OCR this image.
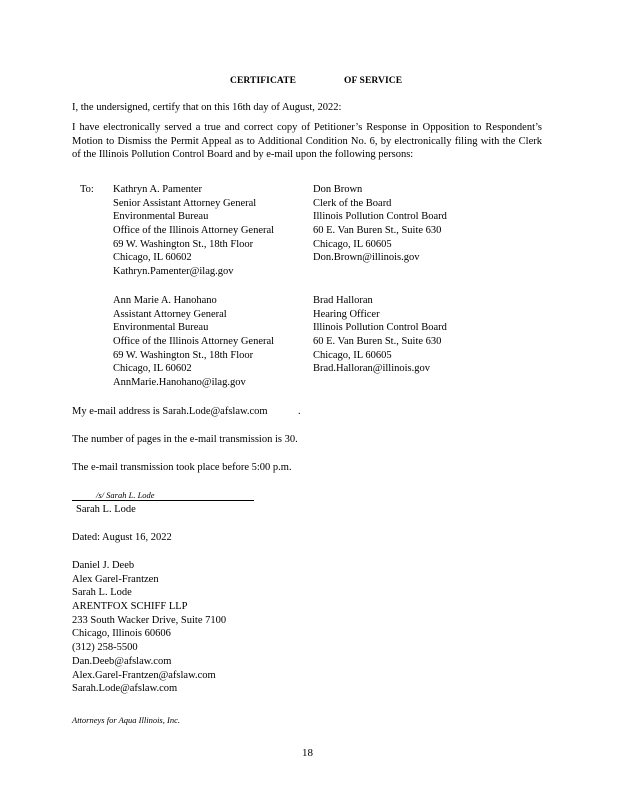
CERTIFICATE	OF SERVICE
I, the undersigned, certify that on this 16th day of August, 2022:
I have electronically served a true and correct copy of Petitioner’s Response in Opposition to Respondent’s Motion to Dismiss the Permit Appeal as to Additional Condition No. 6, by electronically filing with the Clerk of the Illinois Pollution Control Board and by e-mail upon the following persons:
To: Kathryn A. Pamenter
Senior Assistant Attorney General
Environmental Bureau
Office of the Illinois Attorney General
69 W. Washington St., 18th Floor
Chicago, IL 60602
Kathryn.Pamenter@ilag.gov
Don Brown
Clerk of the Board
Illinois Pollution Control Board
60 E. Van Buren St., Suite 630
Chicago, IL 60605
Don.Brown@illinois.gov
Ann Marie A. Hanohano
Assistant Attorney General
Environmental Bureau
Office of the Illinois Attorney General
69 W. Washington St., 18th Floor
Chicago, IL 60602
AnnMarie.Hanohano@ilag.gov
Brad Halloran
Hearing Officer
Illinois Pollution Control Board
60 E. Van Buren St., Suite 630
Chicago, IL 60605
Brad.Halloran@illinois.gov
My e-mail address is Sarah.Lode@afslaw.com	.
The number of pages in the e-mail transmission is 30.
The e-mail transmission took place before 5:00 p.m.
/s/ Sarah L. Lode
Sarah L. Lode
Dated: August 16, 2022
Daniel J. Deeb
Alex Garel-Frantzen
Sarah L. Lode
ARENTFOX SCHIFF LLP
233 South Wacker Drive, Suite 7100
Chicago, Illinois 60606
(312) 258-5500
Dan.Deeb@afslaw.com
Alex.Garel-Frantzen@afslaw.com
Sarah.Lode@afslaw.com
Attorneys for Aqua Illinois, Inc.
18
